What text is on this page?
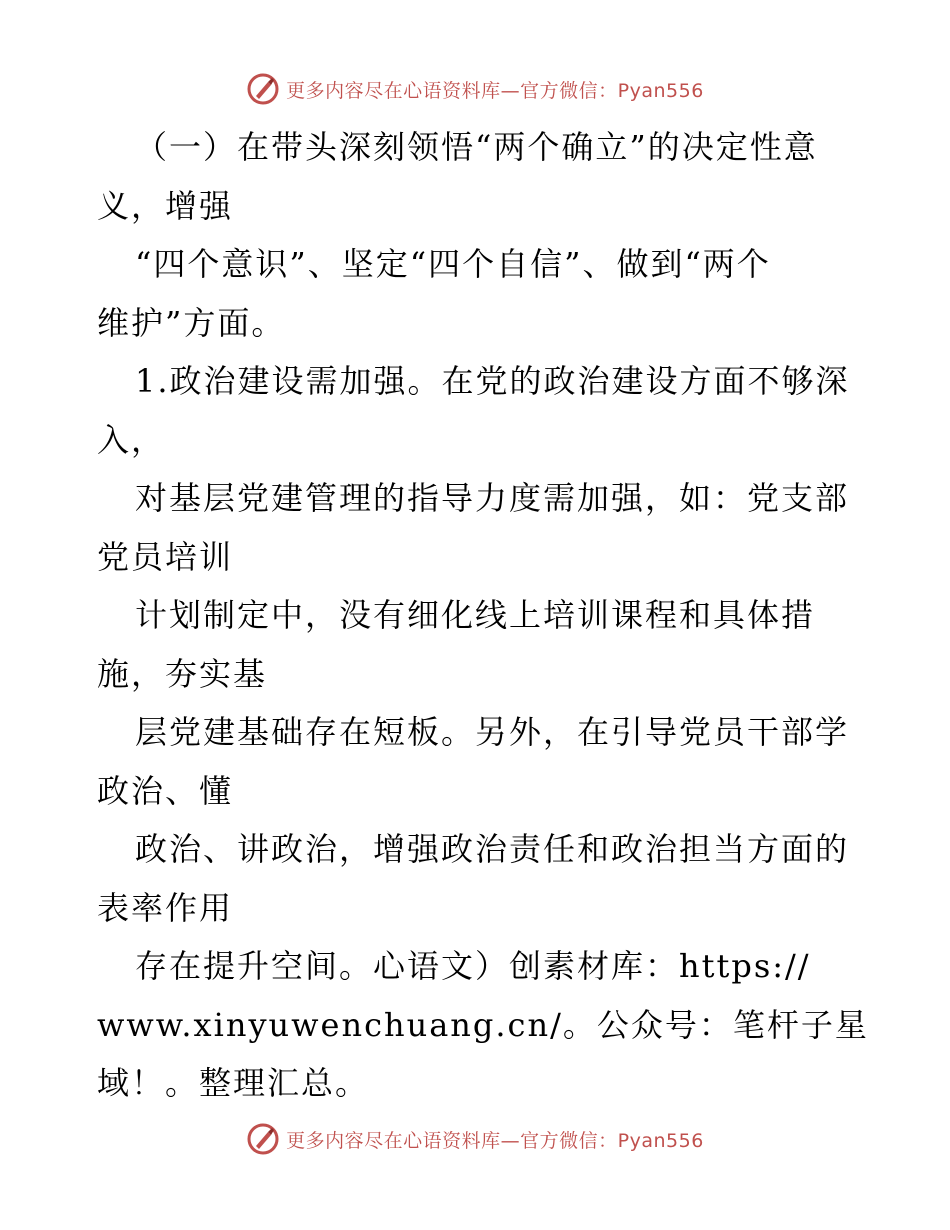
更多内容尽在心语资料库—官方微信：Pyan556
（一）在带头深刻领悟“两个确立”的决定性意
义，增强
“四个意识”、坚定“四个自信”、做到“两个
维护”方面。
1.政治建设需加强。在党的政治建设方面不够深
入，
对基层党建管理的指导力度需加强，如：党支部
党员培训
计划制定中，没有细化线上培训课程和具体措
施，夯实基
层党建基础存在短板。另外，在引导党员干部学
政治、懂
政治、讲政治，增强政治责任和政治担当方面的
表率作用
存在提升空间。心语文）创素材库：https://
www.xinyuwenchuang.cn/。公众号：笔杆子星
域！。整理汇总。
更多内容尽在心语资料库—官方微信：Pyan556
